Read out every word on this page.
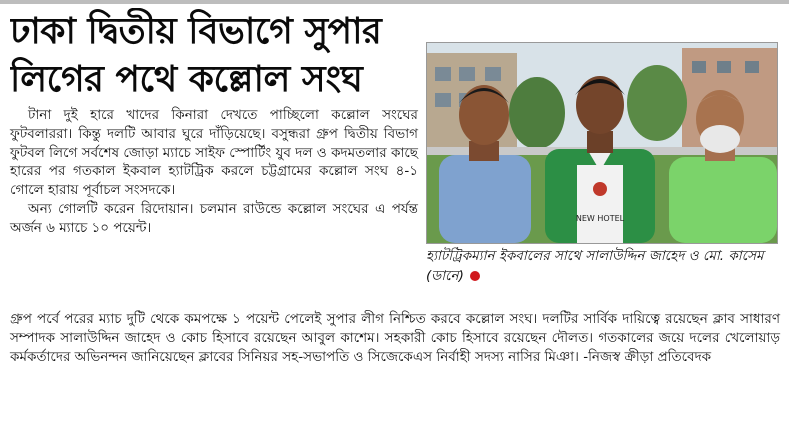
ঢাকা দ্বিতীয় বিভাগে সুপার
লিগের পথে কল্লোল সংঘ

টানা দুই হারে খাদের কিনারা দেখতে পাচ্ছিলো কল্লোল সংঘের ফুটবলাররা। কিন্তু দলটি আবার ঘুরে দাঁড়িয়েছে। বসুন্ধরা গ্রুপ দ্বিতীয় বিভাগ ফুটবল লিগে সর্বশেষ জোড়া ম্যাচে সাইফ স্পোর্টিং যুব দল ও কদমতলার কাছে হারের পর গতকাল ইকবাল হ্যাটট্রিক করলে চট্টগ্রামের কল্লোল সংঘ ৪-১ গোলে হারায় পূর্বাচল সংসদকে।

অন্য গোলটি করেন রিদোয়ান। চলমান রাউন্ডে কল্লোল সংঘের এ পর্যন্ত অর্জন ৬ ম্যাচে ১০ পয়েন্ট।

NEW HOTEL
হ্যাটট্রিকম্যান ইকবালের সাথে সালাউদ্দিন জাহেদ ও মো. কাসেম (ডানে)

গ্রুপ পর্বে পরের ম্যাচ দুটি থেকে কমপক্ষে ১ পয়েন্ট পেলেই সুপার লীগ নিশ্চিত করবে কল্লোল সংঘ। দলটির সার্বিক দায়িত্বে রয়েছেন ক্লাব সাধারণ সম্পাদক সালাউদ্দিন জাহেদ ও কোচ হিসাবে রয়েছেন আবুল কাশেম। সহকারী কোচ হিসাবে রয়েছেন দৌলত। গতকালের জয়ে দলের খেলোয়াড় কর্মকর্তাদের অভিনন্দন জানিয়েছেন ক্লাবের সিনিয়র সহ-সভাপতি ও সিজেকেএস নির্বাহী সদস্য নাসির মিঞা। -নিজস্ব ক্রীড়া প্রতিবেদক
